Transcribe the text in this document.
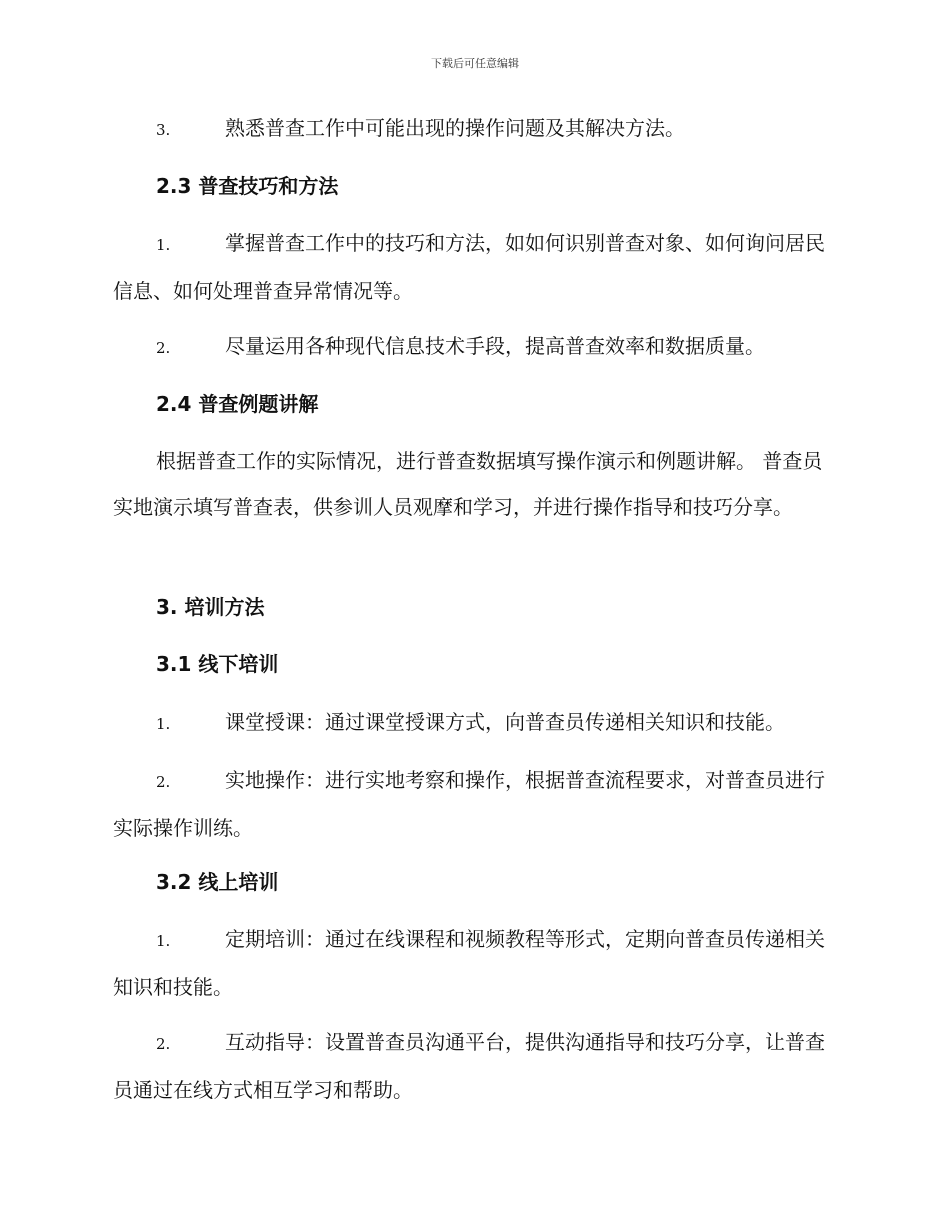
下载后可任意编辑

3.	熟悉普查工作中可能出现的操作问题及其解决方法。

2.3 普查技巧和方法

1.	掌握普查工作中的技巧和方法，如如何识别普查对象、如何询问居民信息、如何处理普查异常情况等。

2.	尽量运用各种现代信息技术手段，提高普查效率和数据质量。

2.4 普查例题讲解

根据普查工作的实际情况，进行普查数据填写操作演示和例题讲解。 普查员实地演示填写普查表，供参训人员观摩和学习，并进行操作指导和技巧分享。

3. 培训方法

3.1 线下培训

1.	课堂授课：通过课堂授课方式，向普查员传递相关知识和技能。

2.	实地操作：进行实地考察和操作，根据普查流程要求，对普查员进行实际操作训练。

3.2 线上培训

1.	定期培训：通过在线课程和视频教程等形式，定期向普查员传递相关知识和技能。

2.	互动指导：设置普查员沟通平台，提供沟通指导和技巧分享，让普查员通过在线方式相互学习和帮助。
